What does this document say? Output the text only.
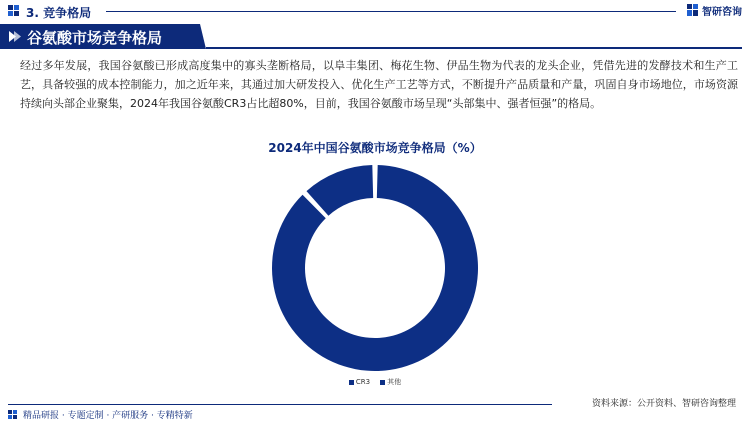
3. 竞争格局	智研咨询
谷氨酸市场竞争格局
经过多年发展，我国谷氨酸已形成高度集中的寡头垄断格局，以阜丰集团、梅花生物、伊品生物为代表的龙头企业，凭借先进的发酵技术和生产工艺，具备较强的成本控制能力，加之近年来，其通过加大研发投入、优化生产工艺等方式，不断提升产品质量和产量，巩固自身市场地位，市场资源持续向头部企业聚集，2024年我国谷氨酸CR3占比超80%，目前，我国谷氨酸市场呈现“头部集中、强者恒强”的格局。
2024年中国谷氨酸市场竞争格局（%）
CR3 其他
资料来源：公开资料、智研咨询整理
精品研报 · 专题定制 · 产研服务 · 专精特新
